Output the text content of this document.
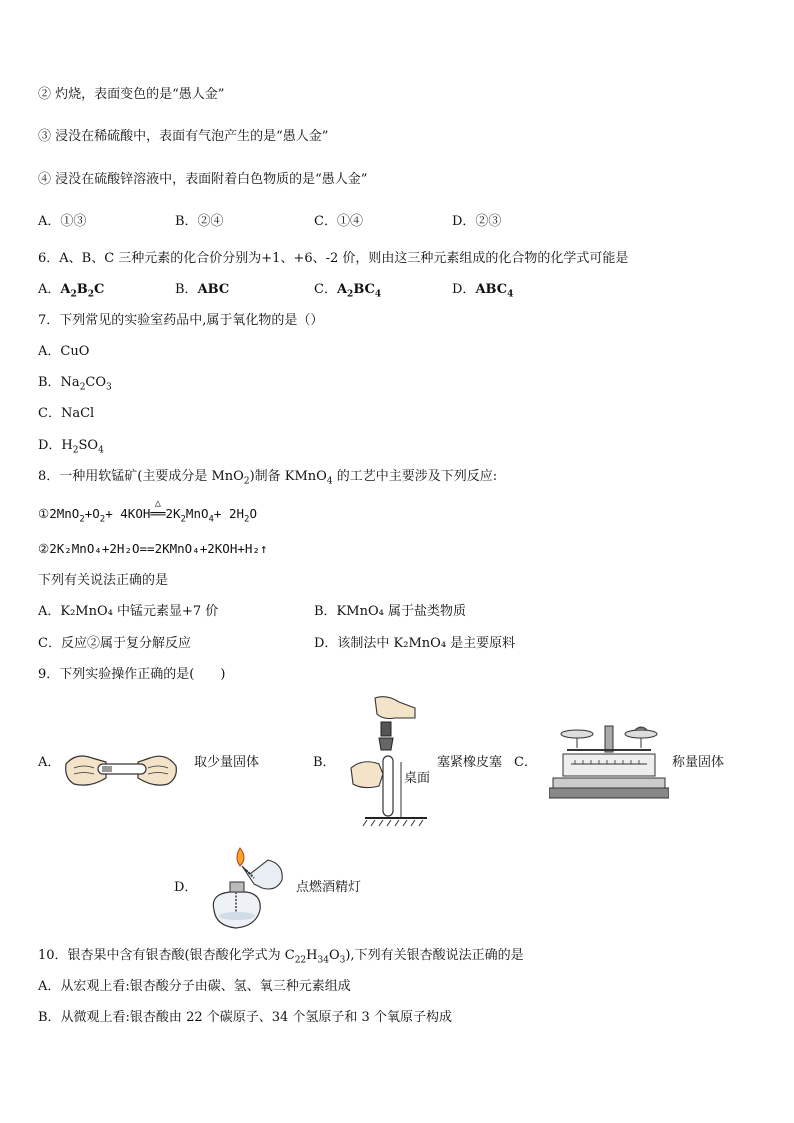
② 灼烧，表面变色的是“愚人金”
③ 浸没在稀硫酸中，表面有气泡产生的是“愚人金”
④ 浸没在硫酸锌溶液中，表面附着白色物质的是“愚人金”
A．①③	B．②④	C．①④	D．②③
6．A、B、C 三种元素的化合价分别为+1、+6、-2 价，则由这三种元素组成的化合物的化学式可能是
A．$A_2B_2C$	B．ABC	C．$A_2BC_4$	D．$ABC_4$
7．下列常见的实验室药品中,属于氧化物的是（）
A．CuO
B．$Na_2CO_3$
C．NaCl
D．$H_2SO_4$
8．一种用软锰矿(主要成分是 MnO$_2$)制备 KMnO$_4$ 的工艺中主要涉及下列反应:
$①2MnO_2+O_2+ 4KOH$
△
$══2K_2MnO_4+ 2H_2O$
②2K₂MnO₄+2H₂O==2KMnO₄+2KOH+H₂↑
下列有关说法正确的是
A．K₂MnO₄ 中锰元素显+7 价	B．KMnO₄ 属于盐类物质
C．反应②属于复分解反应	D．该制法中 K₂MnO₄ 是主要原料
9．下列实验操作正确的是(　　)
A．	取少量固体	B．
桌面
塞紧橡皮塞 C．	称量固体
D．	点燃酒精灯
10．银杏果中含有银杏酸(银杏酸化学式为 $C_{22}H_{34}O_3$),下列有关银杏酸说法正确的是
A．从宏观上看:银杏酸分子由碳、氢、氧三种元素组成
B．从微观上看:银杏酸由 22 个碳原子、34 个氢原子和 3 个氧原子构成
